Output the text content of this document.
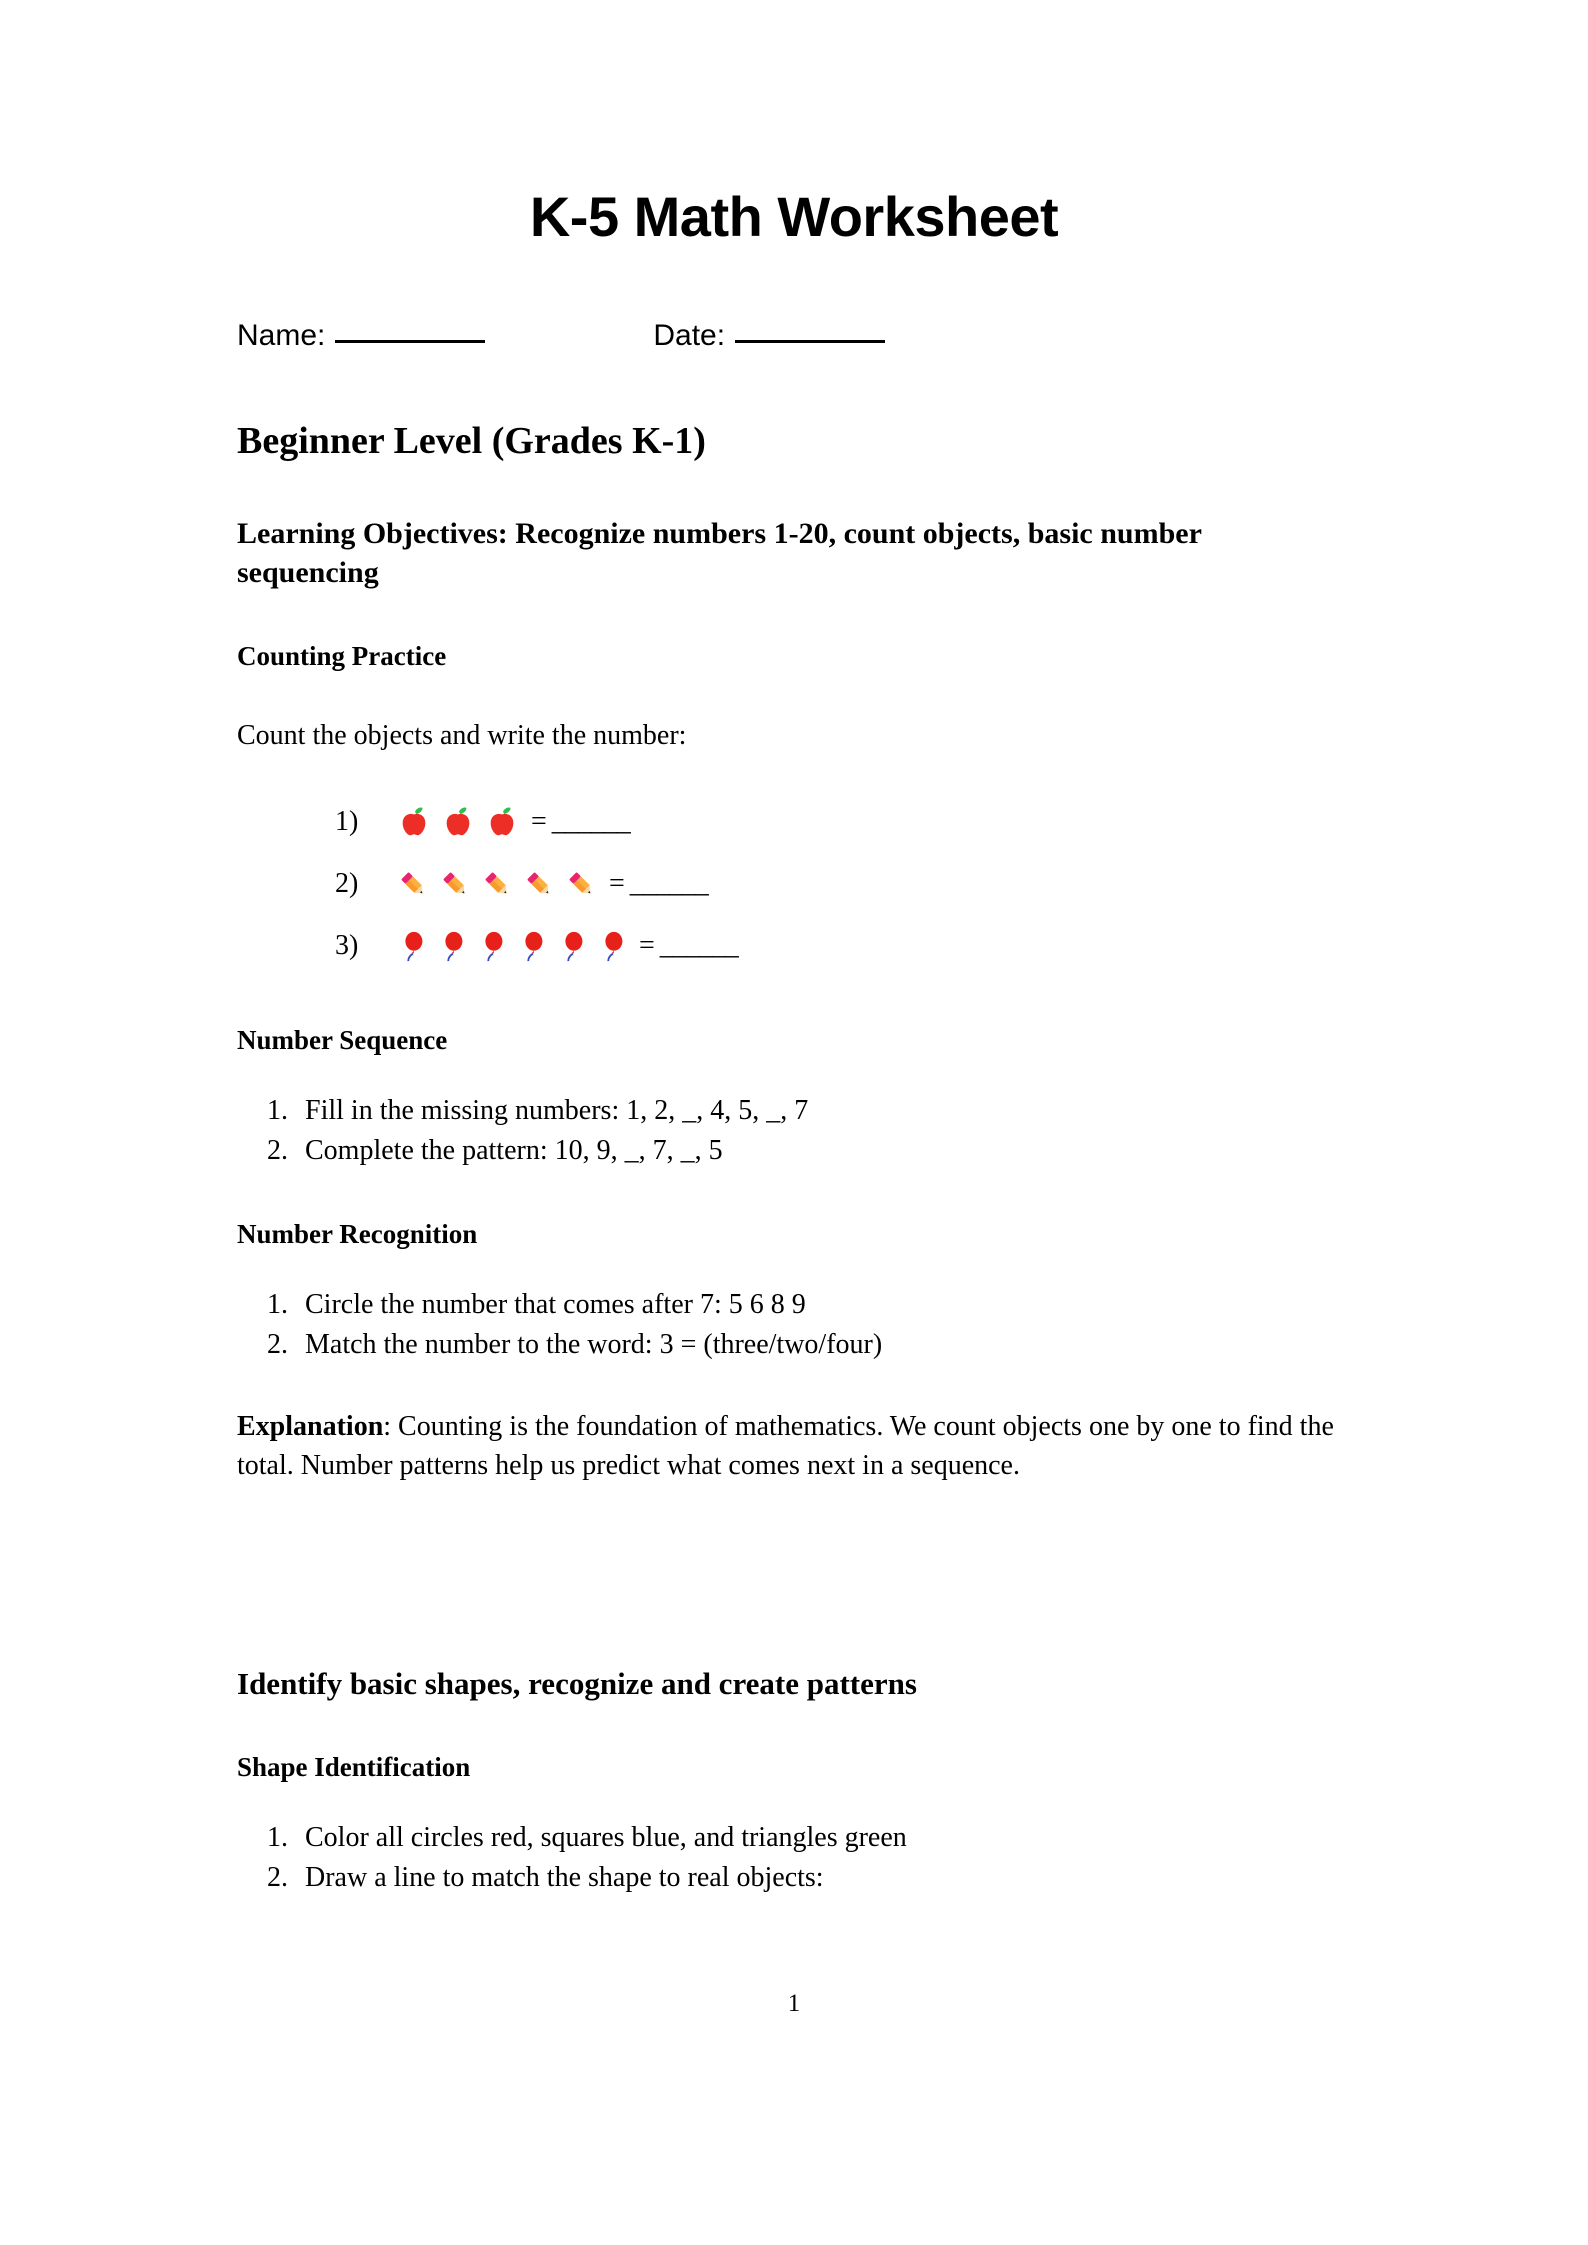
K-5 Math Worksheet
Name:	Date:
Beginner Level (Grades K-1)
Learning Objectives: Recognize numbers 1-20, count objects, basic number sequencing
Counting Practice
Count the objects and write the number:
1)	= ______
2)	= ______
3)	= ______
Number Sequence
1. Fill in the missing numbers: 1, 2, _, 4, 5, _, 7
2. Complete the pattern: 10, 9, _, 7, _, 5
Number Recognition
1. Circle the number that comes after 7: 5 6 8 9
2. Match the number to the word: 3 = (three/two/four)

Explanation: Counting is the foundation of mathematics. We count objects one by one to find the total. Number patterns help us predict what comes next in a sequence.

Identify basic shapes, recognize and create patterns
Shape Identification
1. Color all circles red, squares blue, and triangles green
2. Draw a line to match the shape to real objects:
1
